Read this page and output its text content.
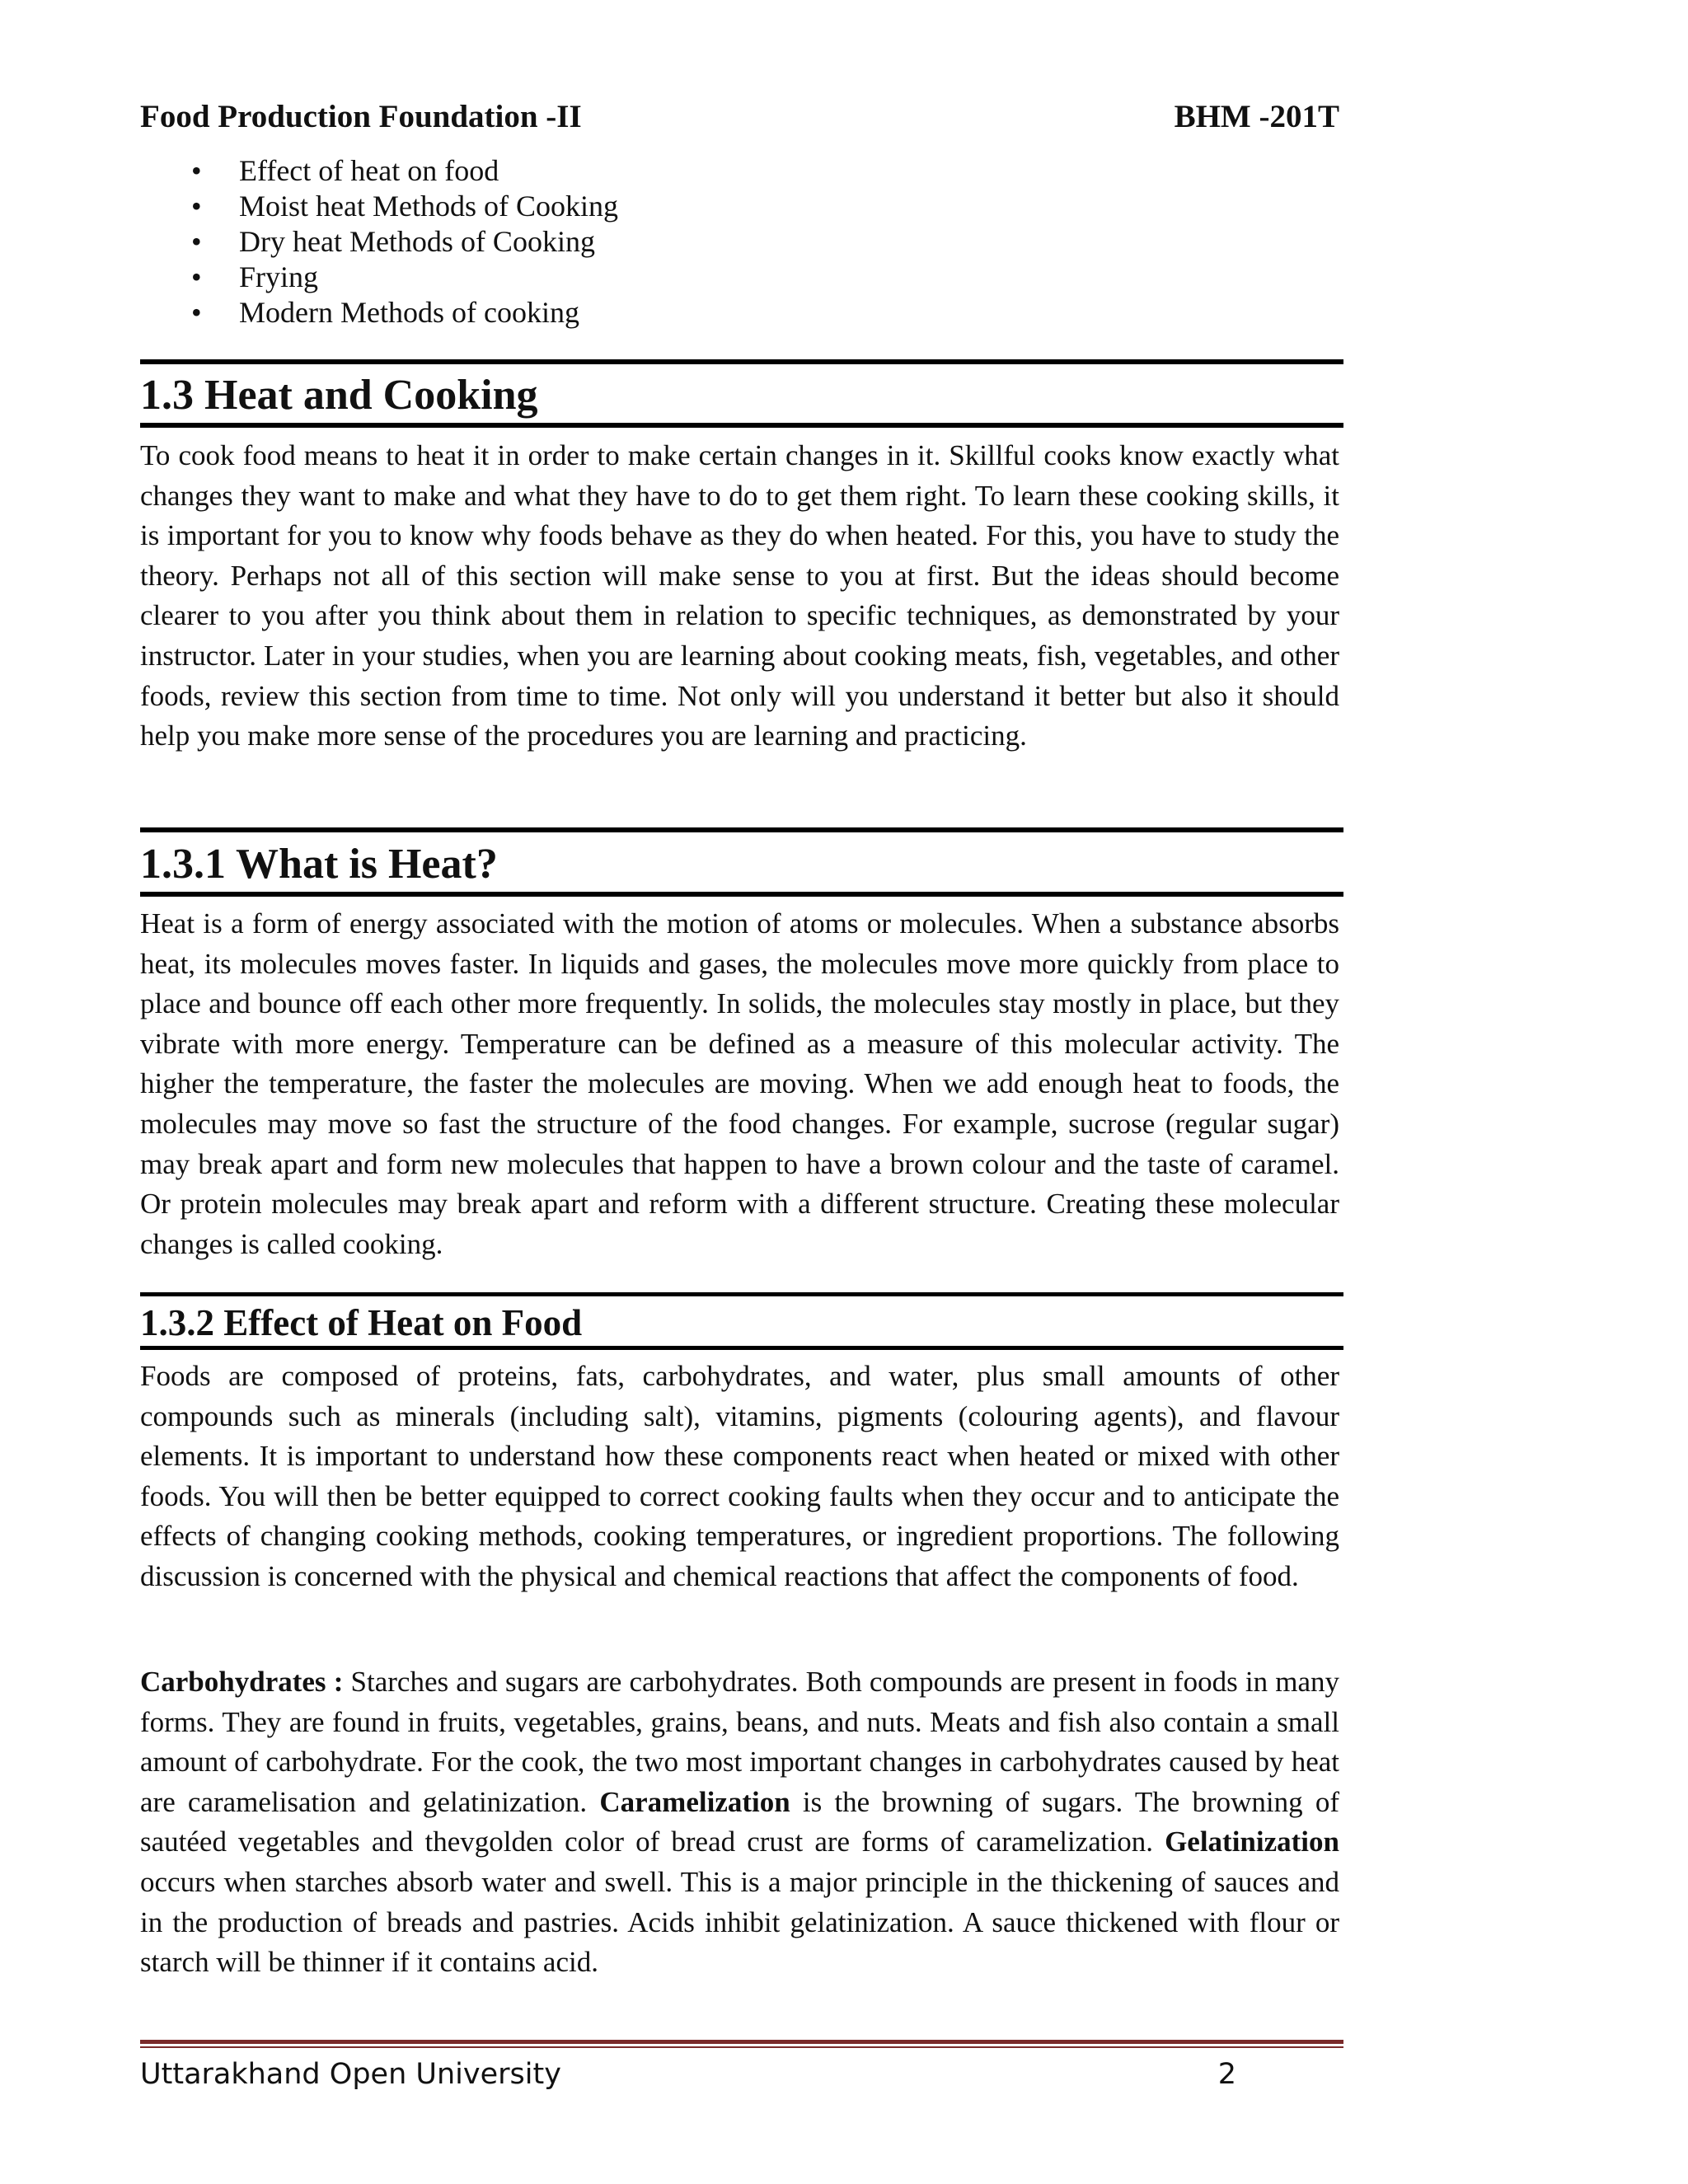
Food Production Foundation -II	BHM -201T
• Effect of heat on food
• Moist heat Methods of Cooking
• Dry heat Methods of Cooking
• Frying
• Modern Methods of cooking
1.3 Heat and Cooking

To cook food means to heat it in order to make certain changes in it. Skillful cooks know exactly what changes they want to make and what they have to do to get them right. To learn these cooking skills, it is important for you to know why foods behave as they do when heated. For this, you have to study the theory. Perhaps not all of this section will make sense to you at first. But the ideas should become clearer to you after you think about them in relation to specific techniques, as demonstrated by your instructor. Later in your studies, when you are learning about cooking meats, fish, vegetables, and other foods, review this section from time to time. Not only will you understand it better but also it should help you make more sense of the procedures you are learning and practicing.

1.3.1 What is Heat?

Heat is a form of energy associated with the motion of atoms or molecules. When a substance absorbs heat, its molecules moves faster. In liquids and gases, the molecules move more quickly from place to place and bounce off each other more frequently. In solids, the molecules stay mostly in place, but they vibrate with more energy. Temperature can be defined as a measure of this molecular activity. The higher the temperature, the faster the molecules are moving. When we add enough heat to foods, the molecules may move so fast the structure of the food changes. For example, sucrose (regular sugar) may break apart and form new molecules that happen to have a brown colour and the taste of caramel. Or protein molecules may break apart and reform with a different structure. Creating these molecular changes is called cooking.

1.3.2 Effect of Heat on Food

Foods are composed of proteins, fats, carbohydrates, and water, plus small amounts of other compounds such as minerals (including salt), vitamins, pigments (colouring agents), and flavour elements. It is important to understand how these components react when heated or mixed with other foods. You will then be better equipped to correct cooking faults when they occur and to anticipate the effects of changing cooking methods, cooking temperatures, or ingredient proportions. The following discussion is concerned with the physical and chemical reactions that affect the components of food.

Carbohydrates : Starches and sugars are carbohydrates. Both compounds are present in foods in many forms. They are found in fruits, vegetables, grains, beans, and nuts. Meats and fish also contain a small amount of carbohydrate. For the cook, the two most important changes in carbohydrates caused by heat are caramelisation and gelatinization. Caramelization is the browning of sugars. The browning of sautéed vegetables and thevgolden color of bread crust are forms of caramelization. Gelatinization occurs when starches absorb water and swell. This is a major principle in the thickening of sauces and in the production of breads and pastries. Acids inhibit gelatinization. A sauce thickened with flour or starch will be thinner if it contains acid.

Uttarakhand Open University	2
